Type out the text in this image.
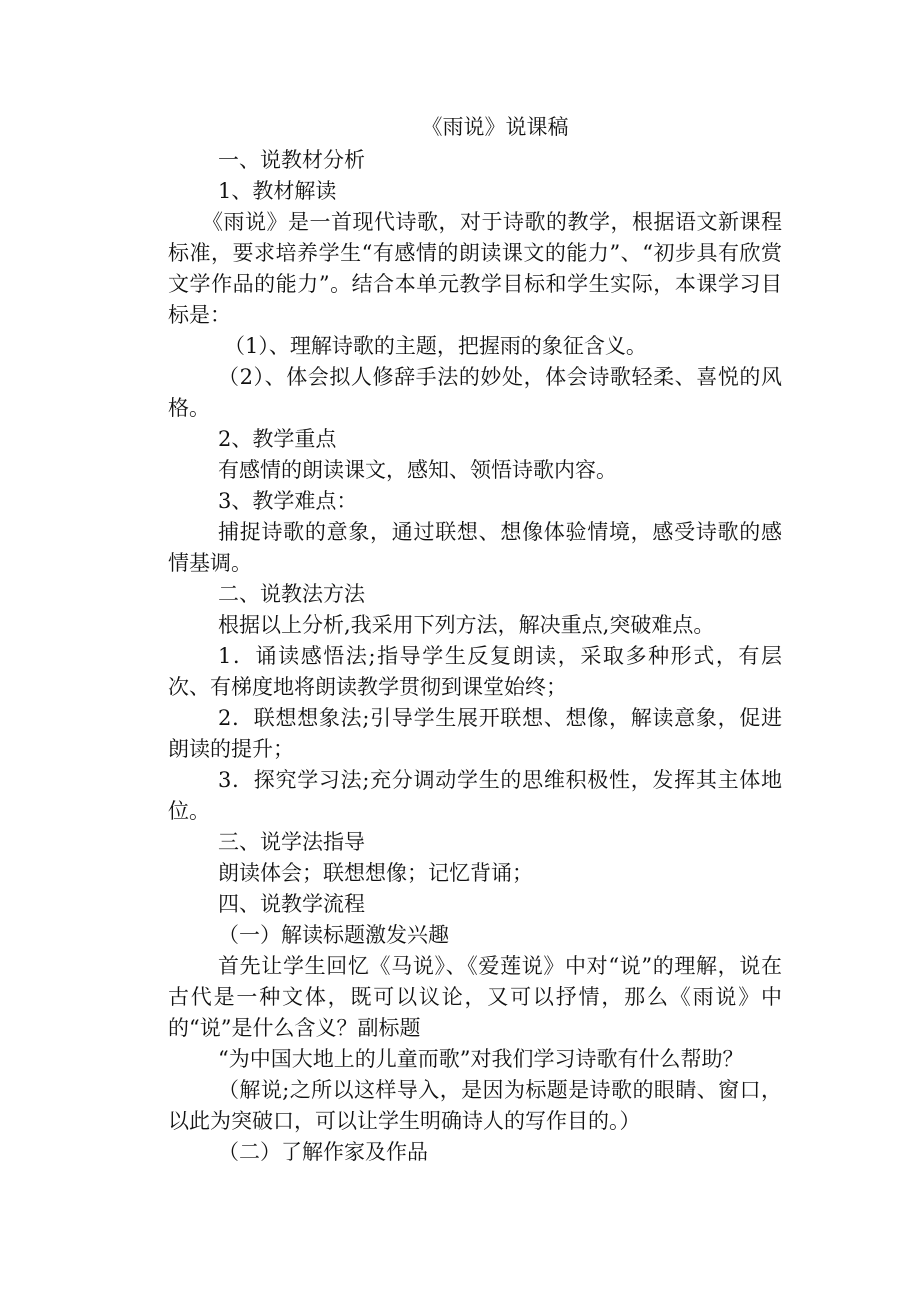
《雨说》说课稿

一、说教材分析

1、教材解读

《雨说》是一首现代诗歌，对于诗歌的教学，根据语文新课程标准，要求培养学生“有感情的朗读课文的能力”、“初步具有欣赏文学作品的能力”。结合本单元教学目标和学生实际，本课学习目标是：

（1）、理解诗歌的主题，把握雨的象征含义。

（2）、体会拟人修辞手法的妙处，体会诗歌轻柔、喜悦的风格。

2、教学重点

有感情的朗读课文，感知、领悟诗歌内容。

3、教学难点：

捕捉诗歌的意象，通过联想、想像体验情境，感受诗歌的感情基调。

二、说教法方法

根据以上分析,我采用下列方法，解决重点,突破难点。

1．诵读感悟法;指导学生反复朗读，采取多种形式，有层次、有梯度地将朗读教学贯彻到课堂始终；

2．联想想象法;引导学生展开联想、想像，解读意象，促进朗读的提升；

3．探究学习法;充分调动学生的思维积极性，发挥其主体地位。

三、说学法指导

朗读体会；联想想像；记忆背诵；

四、说教学流程

（一）解读标题激发兴趣

首先让学生回忆《马说》、《爱莲说》中对“说”的理解，说在古代是一种文体，既可以议论，又可以抒情，那么《雨说》中的“说”是什么含义？副标题

“为中国大地上的儿童而歌”对我们学习诗歌有什么帮助？

（解说;之所以这样导入，是因为标题是诗歌的眼睛、窗口，以此为突破口，可以让学生明确诗人的写作目的。）

（二）了解作家及作品
